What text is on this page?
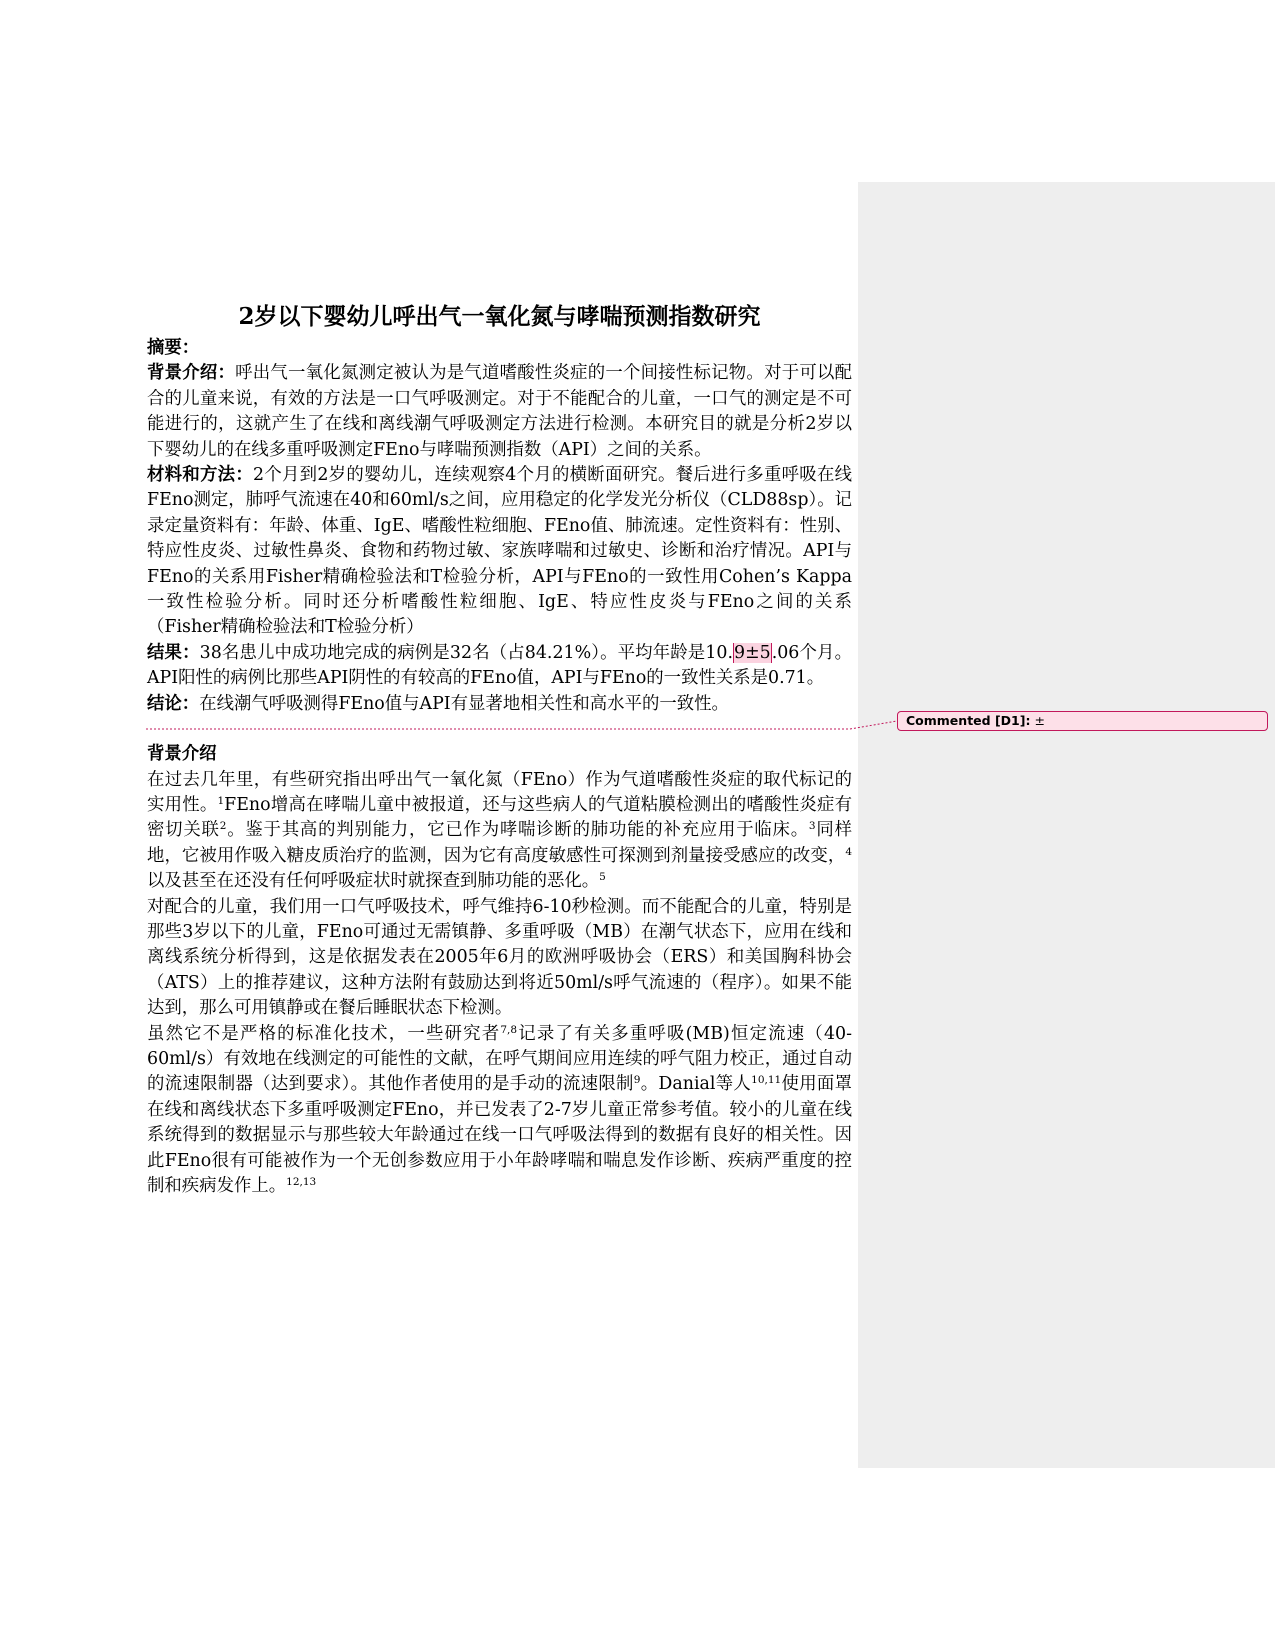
2岁以下婴幼儿呼出气一氧化氮与哮喘预测指数研究

摘要：

背景介绍：呼出气一氧化氮测定被认为是气道嗜酸性炎症的一个间接性标记物。对于可以配合的儿童来说，有效的方法是一口气呼吸测定。对于不能配合的儿童，一口气的测定是不可能进行的，这就产生了在线和离线潮气呼吸测定方法进行检测。本研究目的就是分析2岁以下婴幼儿的在线多重呼吸测定FEno与哮喘预测指数（API）之间的关系。

材料和方法：2个月到2岁的婴幼儿，连续观察4个月的横断面研究。餐后进行多重呼吸在线FEno测定，肺呼气流速在40和60ml/s之间，应用稳定的化学发光分析仪（CLD88sp）。记录定量资料有：年龄、体重、IgE、嗜酸性粒细胞、FEno值、肺流速。定性资料有：性别、特应性皮炎、过敏性鼻炎、食物和药物过敏、家族哮喘和过敏史、诊断和治疗情况。API与FEno的关系用Fisher精确检验法和T检验分析，API与FEno的一致性用Cohen’s Kappa一致性检验分析。同时还分析嗜酸性粒细胞、IgE、特应性皮炎与FEno之间的关系（Fisher精确检验法和T检验分析）

结果：38名患儿中成功地完成的病例是32名（占84.21%）。平均年龄是10.9±5.06个月。API阳性的病例比那些API阴性的有较高的FEno值，API与FEno的一致性关系是0.71。

结论：在线潮气呼吸测得FEno值与API有显著地相关性和高水平的一致性。

背景介绍

在过去几年里，有些研究指出呼出气一氧化氮（FEno）作为气道嗜酸性炎症的取代标记的实用性。$^1$FEno增高在哮喘儿童中被报道，还与这些病人的气道粘膜检测出的嗜酸性炎症有密切关联$^2$。鉴于其高的判别能力，它已作为哮喘诊断的肺功能的补充应用于临床。$^3$同样地，它被用作吸入糖皮质治疗的监测，因为它有高度敏感性可探测到剂量接受感应的改变，$^4$以及甚至在还没有任何呼吸症状时就探查到肺功能的恶化。$^5$

对配合的儿童，我们用一口气呼吸技术，呼气维持6-10秒检测。而不能配合的儿童，特别是那些3岁以下的儿童，FEno可通过无需镇静、多重呼吸（MB）在潮气状态下，应用在线和离线系统分析得到，这是依据发表在2005年6月的欧洲呼吸协会（ERS）和美国胸科协会（ATS）上的推荐建议，这种方法附有鼓励达到将近50ml/s呼气流速的（程序）。如果不能达到，那么可用镇静或在餐后睡眠状态下检测。

虽然它不是严格的标准化技术，一些研究者$^{7,8}$记录了有关多重呼吸(MB)恒定流速（40-60ml/s）有效地在线测定的可能性的文献，在呼气期间应用连续的呼气阻力校正，通过自动的流速限制器（达到要求）。其他作者使用的是手动的流速限制$^9$。Danial等人$^{10,11}$使用面罩在线和离线状态下多重呼吸测定FEno，并已发表了2-7岁儿童正常参考值。较小的儿童在线系统得到的数据显示与那些较大年龄通过在线一口气呼吸法得到的数据有良好的相关性。因此FEno很有可能被作为一个无创参数应用于小年龄哮喘和喘息发作诊断、疾病严重度的控制和疾病发作上。$^{12,13}$

Commented [D1]: ±
